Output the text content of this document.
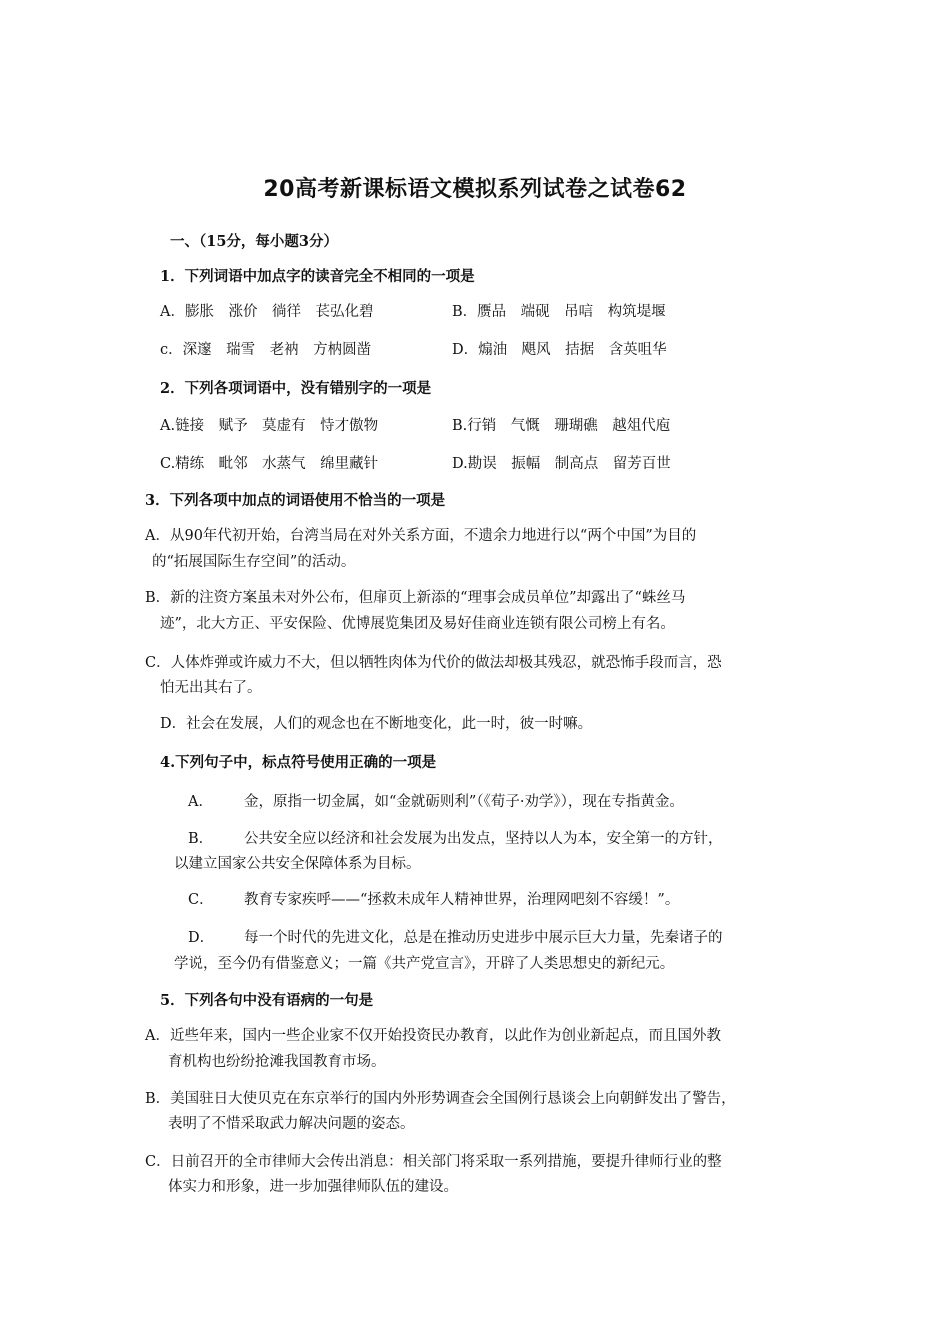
20高考新课标语文模拟系列试卷之试卷62
一、（15分，每小题3分）
1．下列词语中加点字的读音完全不相同的一项是
A．膨胀　涨价　徜徉　苌弘化碧	B．赝品　端砚　吊唁　构筑堤堰
c．深邃　瑞雪　老衲　方枘圆凿	D．煽油　飓风　拮据　含英咀华
2．下列各项词语中，没有错别字的一项是
A.链接　赋予　莫虚有　恃才傲物	B.行销　气慨　珊瑚礁　越俎代庖
C.精练　毗邻　水蒸气　绵里藏针	D.勘误　振幅　制高点　留芳百世
3．下列各项中加点的词语使用不恰当的一项是
A．从90年代初开始，台湾当局在对外关系方面，不遗余力地进行以“两个中国”为目的
的“拓展国际生存空间”的活动。
B．新的注资方案虽未对外公布，但扉页上新添的“理事会成员单位”却露出了“蛛丝马
迹”，北大方正、平安保险、优博展览集团及易好佳商业连锁有限公司榜上有名。
C．人体炸弹或许威力不大，但以牺牲肉体为代价的做法却极其残忍，就恐怖手段而言，恐
怕无出其右了。
D．社会在发展，人们的观念也在不断地变化，此一时，彼一时嘛。
4.下列句子中，标点符号使用正确的一项是
A． 金，原指一切金属，如“金就砺则利”（《荀子·劝学》），现在专指黄金。
B． 公共安全应以经济和社会发展为出发点，坚持以人为本，安全第一的方针，
以建立国家公共安全保障体系为目标。
C． 教育专家疾呼——“拯救未成年人精神世界，治理网吧刻不容缓！”。
D． 每一个时代的先进文化，总是在推动历史进步中展示巨大力量，先秦诸子的
学说，至今仍有借鉴意义；一篇《共产党宣言》，开辟了人类思想史的新纪元。
5．下列各句中没有语病的一句是
A．近些年来，国内一些企业家不仅开始投资民办教育，以此作为创业新起点，而且国外教
育机构也纷纷抢滩我国教育市场。
B．美国驻日大使贝克在东京举行的国内外形势调查会全国例行恳谈会上向朝鲜发出了警告，
表明了不惜采取武力解决问题的姿态。
C．日前召开的全市律师大会传出消息：相关部门将采取一系列措施，要提升律师行业的整
体实力和形象，进一步加强律师队伍的建设。
